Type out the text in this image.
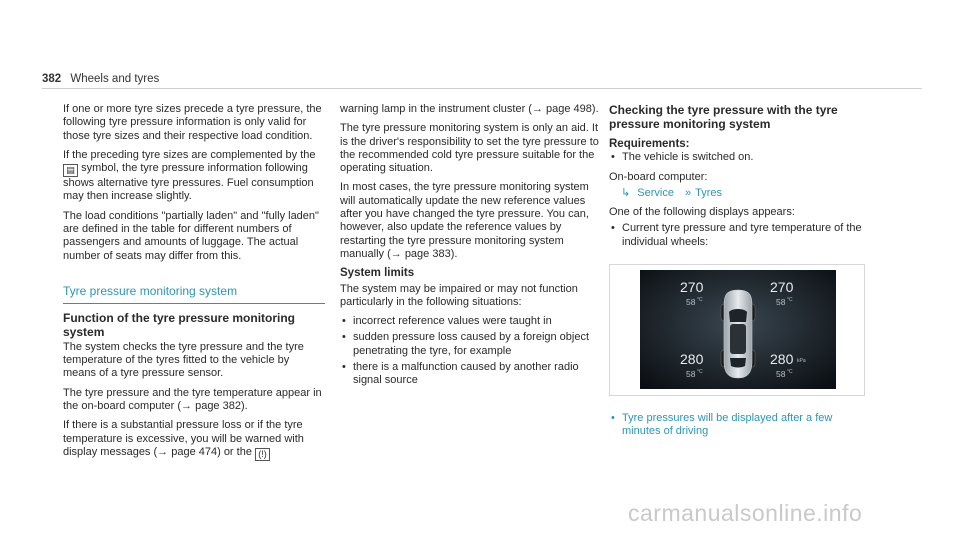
382 Wheels and tyres

If one or more tyre sizes precede a tyre pressure, the following tyre pressure information is only valid for those tyre sizes and their respective load condition.

If the preceding tyre sizes are complemented by the ▤ symbol, the tyre pressure information following shows alternative tyre pressures. Fuel consumption may then increase slightly.

The load conditions "partially laden" and "fully laden" are defined in the table for different numbers of passengers and amounts of luggage. The actual number of seats may differ from this.

Tyre pressure monitoring system
Function of the tyre pressure monitoring system

The system checks the tyre pressure and the tyre temperature of the tyres fitted to the vehicle by means of a tyre pressure sensor.

The tyre pressure and the tyre temperature appear in the on-board computer (→ page 382).

If there is a substantial pressure loss or if the tyre temperature is excessive, you will be warned with display messages (→ page 474) or the (!)

warning lamp in the instrument cluster (→ page 498).

The tyre pressure monitoring system is only an aid. It is the driver's responsibility to set the tyre pressure to the recommended cold tyre pressure suitable for the operating situation.

In most cases, the tyre pressure monitoring system will automatically update the new reference values after you have changed the tyre pressure. You can, however, also update the reference values by restarting the tyre pressure monitoring system manually (→ page 383).

System limits

The system may be impaired or may not function particularly in the following situations:

• incorrect reference values were taught in
• sudden pressure loss caused by a foreign object penetrating the tyre, for example
• there is a malfunction caused by another radio signal source
Checking the tyre pressure with the tyre pressure monitoring system
Requirements:
• The vehicle is switched on.

On-board computer:

↳ Service » Tyres

One of the following displays appears:

• Current tyre pressure and tyre temperature of the individual wheels:
270
58 °C
270
58 °C
280
58 °C
280 kPa
58 °C
• Tyre pressures will be displayed after a few minutes of driving
carmanualsonline.info
